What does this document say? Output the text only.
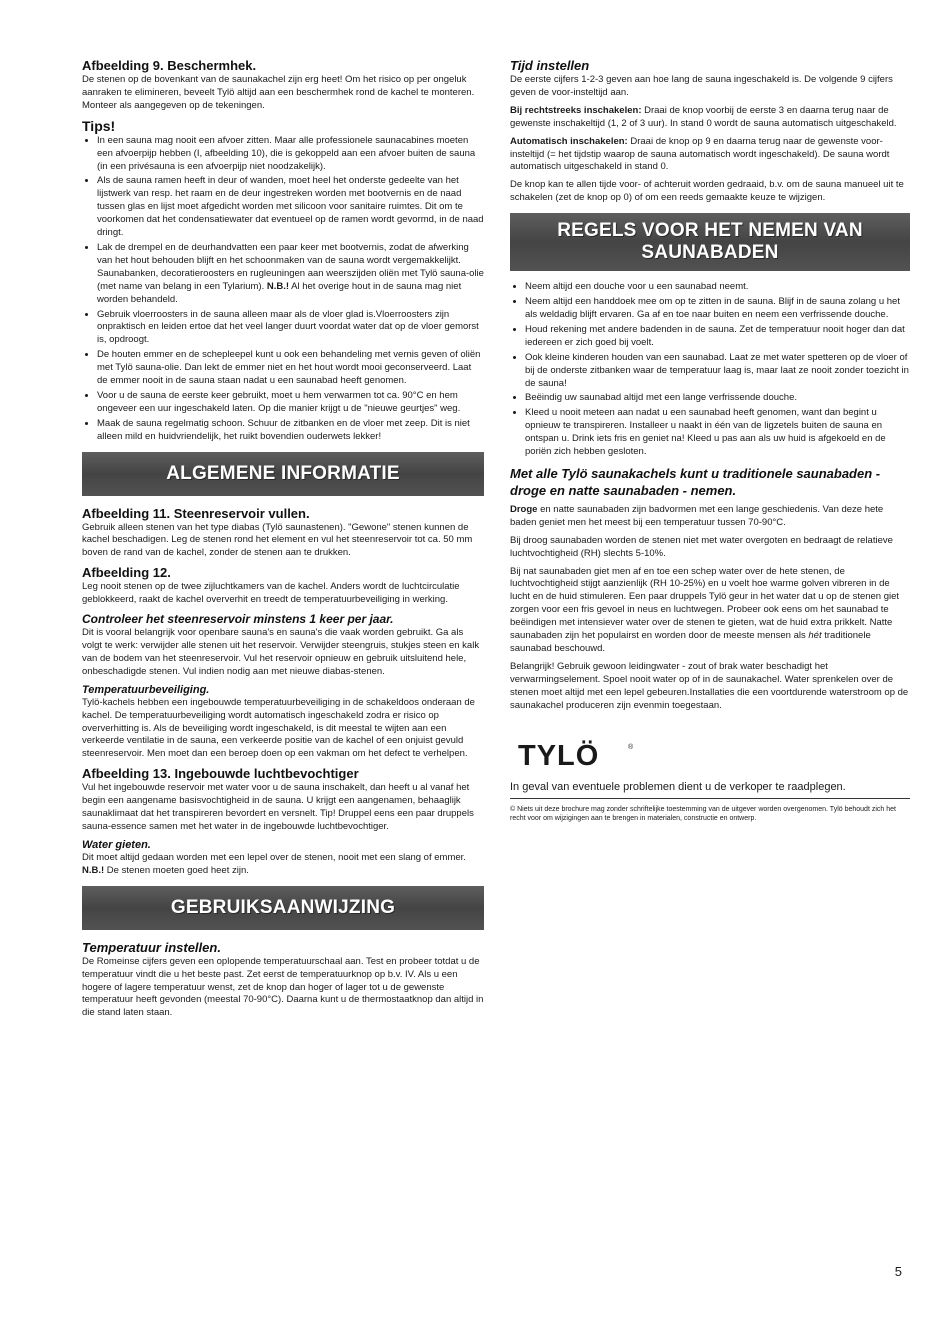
Afbeelding 9. Beschermhek.

De stenen op de bovenkant van de saunakachel zijn erg heet! Om het risico op per ongeluk aanraken te elimineren, beveelt Tylö altijd aan een beschermhek rond de kachel te monteren. Monteer als aangegeven op de tekeningen.

Tips!
• In een sauna mag nooit een afvoer zitten. Maar alle professionele saunacabines moeten een afvoerpijp hebben (I, afbeelding 10), die is gekoppeld aan een afvoer buiten de sauna (in een privésauna is een afvoerpijp niet noodzakelijk).
• Als de sauna ramen heeft in deur of wanden, moet heel het onderste gedeelte van het lijstwerk van resp. het raam en de deur ingestreken worden met bootvernis en de naad tussen glas en lijst moet afgedicht worden met silicoon voor sanitaire ruimtes. Dit om te voorkomen dat het condensatiewater dat eventueel op de ramen wordt gevormd, in de naad dringt.
• Lak de drempel en de deurhandvatten een paar keer met bootvernis, zodat de afwerking van het hout behouden blijft en het schoonmaken van de sauna wordt vergemakkelijkt. Saunabanken, decoratieroosters en rugleuningen aan weerszijden oliën met Tylö sauna-olie (met name van belang in een Tylarium). N.B.! Al het overige hout in de sauna mag niet worden behandeld.
• Gebruik vloerroosters in de sauna alleen maar als de vloer glad is.Vloerroosters zijn onpraktisch en leiden ertoe dat het veel langer duurt voordat water dat op de vloer gemorst is, opdroogt.
• De houten emmer en de schepleepel kunt u ook een behandeling met vernis geven of oliën met Tylö sauna-olie. Dan lekt de emmer niet en het hout wordt mooi geconserveerd. Laat de emmer nooit in de sauna staan nadat u een saunabad heeft genomen.
• Voor u de sauna de eerste keer gebruikt, moet u hem verwarmen tot ca. 90°C en hem ongeveer een uur ingeschakeld laten. Op die manier krijgt u de "nieuwe geurtjes" weg.
• Maak de sauna regelmatig schoon. Schuur de zitbanken en de vloer met zeep. Dit is niet alleen mild en huidvriendelijk, het ruikt bovendien ouderwets lekker!
ALGEMENE INFORMATIE
Afbeelding 11. Steenreservoir vullen.

Gebruik alleen stenen van het type diabas (Tylö saunastenen). "Gewone" stenen kunnen de kachel beschadigen. Leg de stenen rond het element en vul het steenreservoir tot ca. 50 mm boven de rand van de kachel, zonder de stenen aan te drukken.

Afbeelding 12.

Leg nooit stenen op de twee zijluchtkamers van de kachel. Anders wordt de luchtcirculatie geblokkeerd, raakt de kachel oververhit en treedt de temperatuurbeveiliging in werking.

Controleer het steenreservoir minstens 1 keer per jaar.

Dit is vooral belangrijk voor openbare sauna's en sauna's die vaak worden gebruikt. Ga als volgt te werk: verwijder alle stenen uit het reservoir. Verwijder steengruis, stukjes steen en kalk van de bodem van het steenreservoir. Vul het reservoir opnieuw en gebruik uitsluitend hele, onbeschadigde stenen. Vul indien nodig aan met nieuwe diabas-stenen.

Temperatuurbeveiliging.

Tylö-kachels hebben een ingebouwde temperatuurbeveiliging in de schakeldoos onderaan de kachel. De temperatuurbeveiliging wordt automatisch ingeschakeld zodra er risico op oververhitting is. Als de beveiliging wordt ingeschakeld, is dit meestal te wijten aan een verkeerde ventilatie in de sauna, een verkeerde positie van de kachel of een onjuist gevuld steenreservoir. Men moet dan een beroep doen op een vakman om het defect te verhelpen.

Afbeelding 13. Ingebouwde luchtbevochtiger

Vul het ingebouwde reservoir met water voor u de sauna inschakelt, dan heeft u al vanaf het begin een aangename basisvochtigheid in de sauna. U krijgt een aangenamen, behaaglijk saunaklimaat dat het transpireren bevordert en versnelt. Tip! Druppel eens een paar druppels sauna-essence samen met het water in de ingebouwde luchtbevochtiger.

Water gieten.

Dit moet altijd gedaan worden met een lepel over de stenen, nooit met een slang of emmer.
N.B.! De stenen moeten goed heet zijn.

GEBRUIKSAANWIJZING
Temperatuur instellen.

De Romeinse cijfers geven een oplopende temperatuurschaal aan. Test en probeer totdat u de temperatuur vindt die u het beste past. Zet eerst de temperatuurknop op b.v. IV. Als u een hogere of lagere temperatuur wenst, zet de knop dan hoger of lager tot u de gewenste temperatuur heeft gevonden (meestal 70-90°C). Daarna kunt u de thermostaatknop dan altijd in die stand laten staan.

Tijd instellen

De eerste cijfers 1-2-3 geven aan hoe lang de sauna ingeschakeld is. De volgende 9 cijfers geven de voor-insteltijd aan.

Bij rechtstreeks inschakelen: Draai de knop voorbij de eerste 3 en daarna terug naar de gewenste inschakeltijd (1, 2 of 3 uur). In stand 0 wordt de sauna automatisch uitgeschakeld.

Automatisch inschakelen: Draai de knop op 9 en daarna terug naar de gewenste voor-insteltijd (= het tijdstip waarop de sauna automatisch wordt ingeschakeld). De sauna wordt automatisch uitgeschakeld in stand 0.

De knop kan te allen tijde voor- of achteruit worden gedraaid, b.v. om de sauna manueel uit te schakelen (zet de knop op 0) of om een reeds gemaakte keuze te wijzigen.

REGELS VOOR HET NEMEN VAN
SAUNABADEN
• Neem altijd een douche voor u een saunabad neemt.
• Neem altijd een handdoek mee om op te zitten in de sauna. Blijf in de sauna zolang u het als weldadig blijft ervaren. Ga af en toe naar buiten en neem een verfrissende douche.
• Houd rekening met andere badenden in de sauna. Zet de temperatuur nooit hoger dan dat iedereen er zich goed bij voelt.
• Ook kleine kinderen houden van een saunabad. Laat ze met water spetteren op de vloer of bij de onderste zitbanken waar de temperatuur laag is, maar laat ze nooit zonder toezicht in de sauna!
• Beëindig uw saunabad altijd met een lange verfrissende douche.
• Kleed u nooit meteen aan nadat u een saunabad heeft genomen, want dan begint u opnieuw te transpireren. Installeer u naakt in één van de ligzetels buiten de sauna en ontspan u. Drink iets fris en geniet na! Kleed u pas aan als uw huid is afgekoeld en de poriën zich hebben gesloten.
Met alle Tylö saunakachels kunt u traditionele saunabaden - droge en natte saunabaden - nemen.

Droge en natte saunabaden zijn badvormen met een lange geschiedenis. Van deze hete baden geniet men het meest bij een temperatuur tussen 70-90°C.

Bij droog saunabaden worden de stenen niet met water overgoten en bedraagt de relatieve luchtvochtigheid (RH) slechts 5-10%.

Bij nat saunabaden giet men af en toe een schep water over de hete stenen, de luchtvochtigheid stijgt aanzienlijk (RH 10-25%) en u voelt hoe warme golven vibreren in de lucht en de huid stimuleren. Een paar druppels Tylö geur in het water dat u op de stenen giet zorgen voor een fris gevoel in neus en luchtwegen. Probeer ook eens om het saunabad te beëindigen met intensiever water over de stenen te gieten, wat de huid extra prikkelt. Natte saunabaden zijn het populairst en worden door de meeste mensen als hét traditionele saunabad beschouwd.

Belangrijk! Gebruik gewoon leidingwater - zout of brak water beschadigt het verwarmingselement. Spoel nooit water op of in de saunakachel. Water sprenkelen over de stenen moet altijd met een lepel gebeuren.Installaties die een voortdurende waterstroom op de saunakachel produceren zijn evenmin toegestaan.

TYLÖ	®

In geval van eventuele problemen dient u de verkoper te raadplegen.

© Niets uit deze brochure mag zonder schriftelijke toestemming van de uitgever worden overgenomen. Tylö behoudt zich het recht voor om wijzigingen aan te brengen in materialen, constructie en ontwerp.

5
